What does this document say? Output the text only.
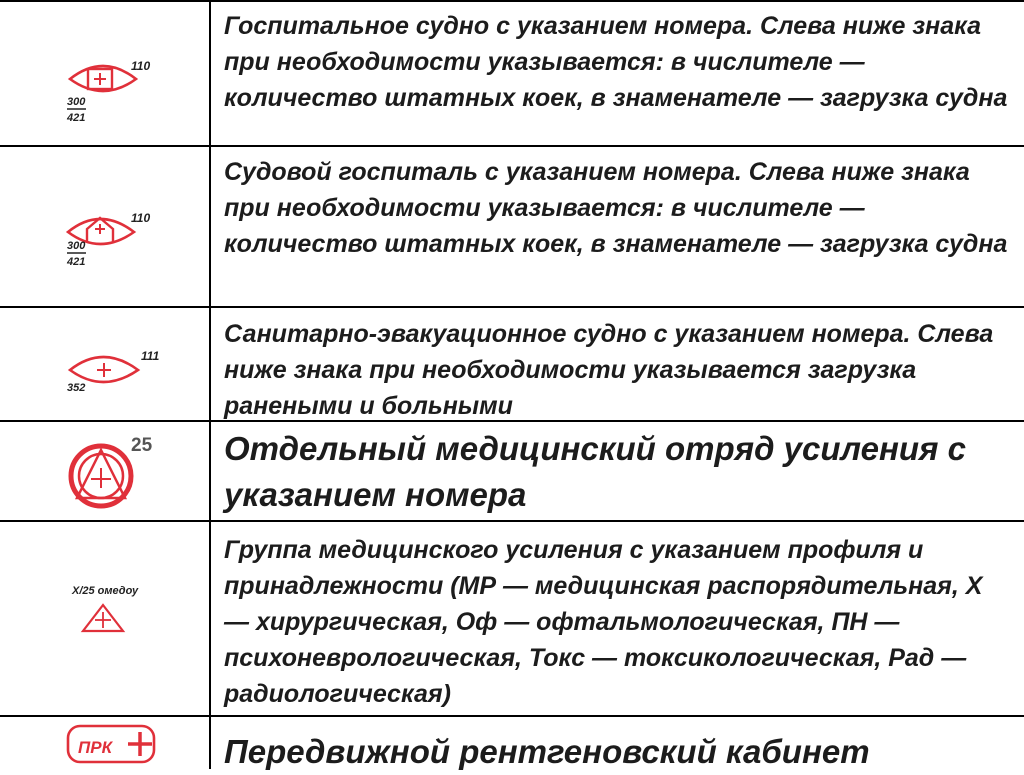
110
300
421
Госпитальное судно с указанием номера. Слева ниже знака при необходимости указывается: в числителе — количество штатных коек, в знаменателе — загрузка судна
110
300
421
Судовой госпиталь с указанием номера. Слева ниже знака при необходимости указывается: в числителе — количество штатных коек, в знаменателе — загрузка судна
111
352
Санитарно-эвакуационное судно с указанием номера. Слева ниже знака при необходимости указывается загрузка ранеными и больными
25 Отдельный медицинский отряд усиления с указанием номера
Х/25 омедоу
Группа медицинского усиления с указанием профиля и принадлежности (МР — медицинская распорядительная, Х — хирургическая, Оф — офтальмологическая, ПН — психоневрологическая, Токс — токсикологическая, Рад — радиологическая)
ПРК	Передвижной рентгеновский кабинет
